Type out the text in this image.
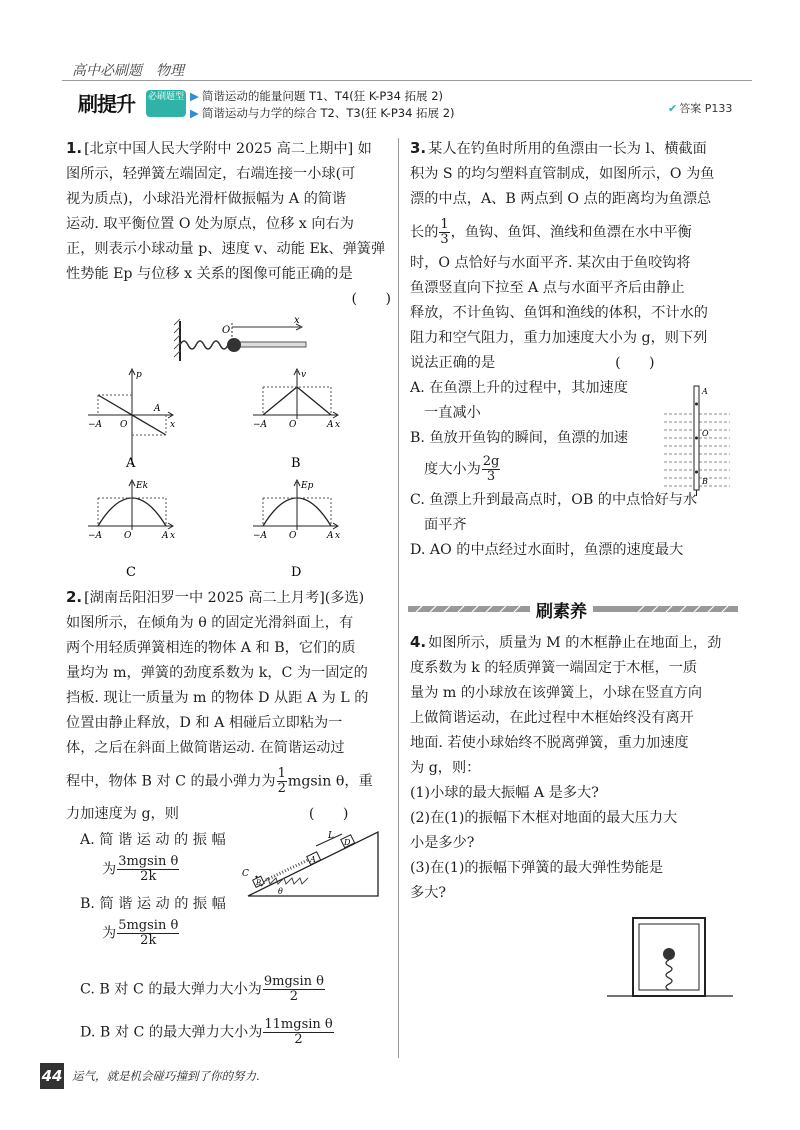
高中必刷题　物理
刷提升 必刷题型 ▶ 简谐运动的能量问题 T1、T4(狂 K-P34 拓展 2)
▶ 简谐运动与力学的综合 T2、T3(狂 K-P34 拓展 2)	✔ 答案 P133
1. [北京中国人民大学附中 2025 高二上期中] 如
图所示，轻弹簧左端固定，右端连接一小球(可
视为质点)，小球沿光滑杆做振幅为 A 的简谐
运动. 取平衡位置 O 处为原点，位移 x 向右为
正，则表示小球动量 p、速度 v、动能 Ek、弹簧弹
性势能 Ep 与位移 x 关系的图像可能正确的是
(　　)
O
x
p
x
−A O
A
A
v
x
−A O	A
B
Ek
x
−A O	A
C
Ep
x
−A O	A
D
2. [湖南岳阳汨罗一中 2025 高二上月考](多选)
如图所示，在倾角为 θ 的固定光滑斜面上，有
两个用轻质弹簧相连的物体 A 和 B，它们的质
量均为 m，弹簧的劲度系数为 k，C 为一固定的
挡板. 现让一质量为 m 的物体 D 从距 A 为 L 的
位置由静止释放，D 和 A 相碰后立即粘为一
体，之后在斜面上做简谐运动. 在简谐运动过
程中，物体 B 对 C 的最小弹力为 $\frac{1}{2}$ mgsin θ，重
力加速度为 g，则	(　　)
A. 简 谐 运 动 的 振 幅
为 $\frac{\text{3mgsin θ}}{2k}$
B. 简 谐 运 动 的 振 幅
为 $\frac{\text{5mgsin θ}}{2k}$
C. B 对 C 的最大弹力大小为 $\frac{\text{9mgsin θ}}{2}$
D. B 对 C 的最大弹力大小为 $\frac{\text{11mgsin θ}}{2}$
L
A
D
B
C
θ
3. 某人在钓鱼时所用的鱼漂由一长为 l、横截面
积为 S 的均匀塑料直管制成，如图所示，O 为鱼
漂的中点，A、B 两点到 O 点的距离均为鱼漂总
长的 $\frac{1}{3}$ ，鱼钩、鱼饵、渔线和鱼漂在水中平衡
时，O 点恰好与水面平齐. 某次由于鱼咬钩将
鱼漂竖直向下拉至 A 点与水面平齐后由静止
释放，不计鱼钩、鱼饵和渔线的体积，不计水的
阻力和空气阻力，重力加速度大小为 g，则下列
说法正确的是	(　　)
A. 在鱼漂上升的过程中，其加速度
一直减小
B. 鱼放开鱼钩的瞬间，鱼漂的加速
度大小为 $\frac{2g}{3}$
C. 鱼漂上升到最高点时，OB 的中点恰好与水
面平齐
D. AO 的中点经过水面时，鱼漂的速度最大
A
O
B
刷素养
4. 如图所示，质量为 M 的木框静止在地面上，劲
度系数为 k 的轻质弹簧一端固定于木框，一质
量为 m 的小球放在该弹簧上，小球在竖直方向
上做简谐运动，在此过程中木框始终没有离开
地面. 若使小球始终不脱离弹簧，重力加速度
为 g，则：
(1)小球的最大振幅 A 是多大?
(2)在(1)的振幅下木框对地面的最大压力大
小是多少?
(3)在(1)的振幅下弹簧的最大弹性势能是
多大?
44 运气，就是机会碰巧撞到了你的努力.
